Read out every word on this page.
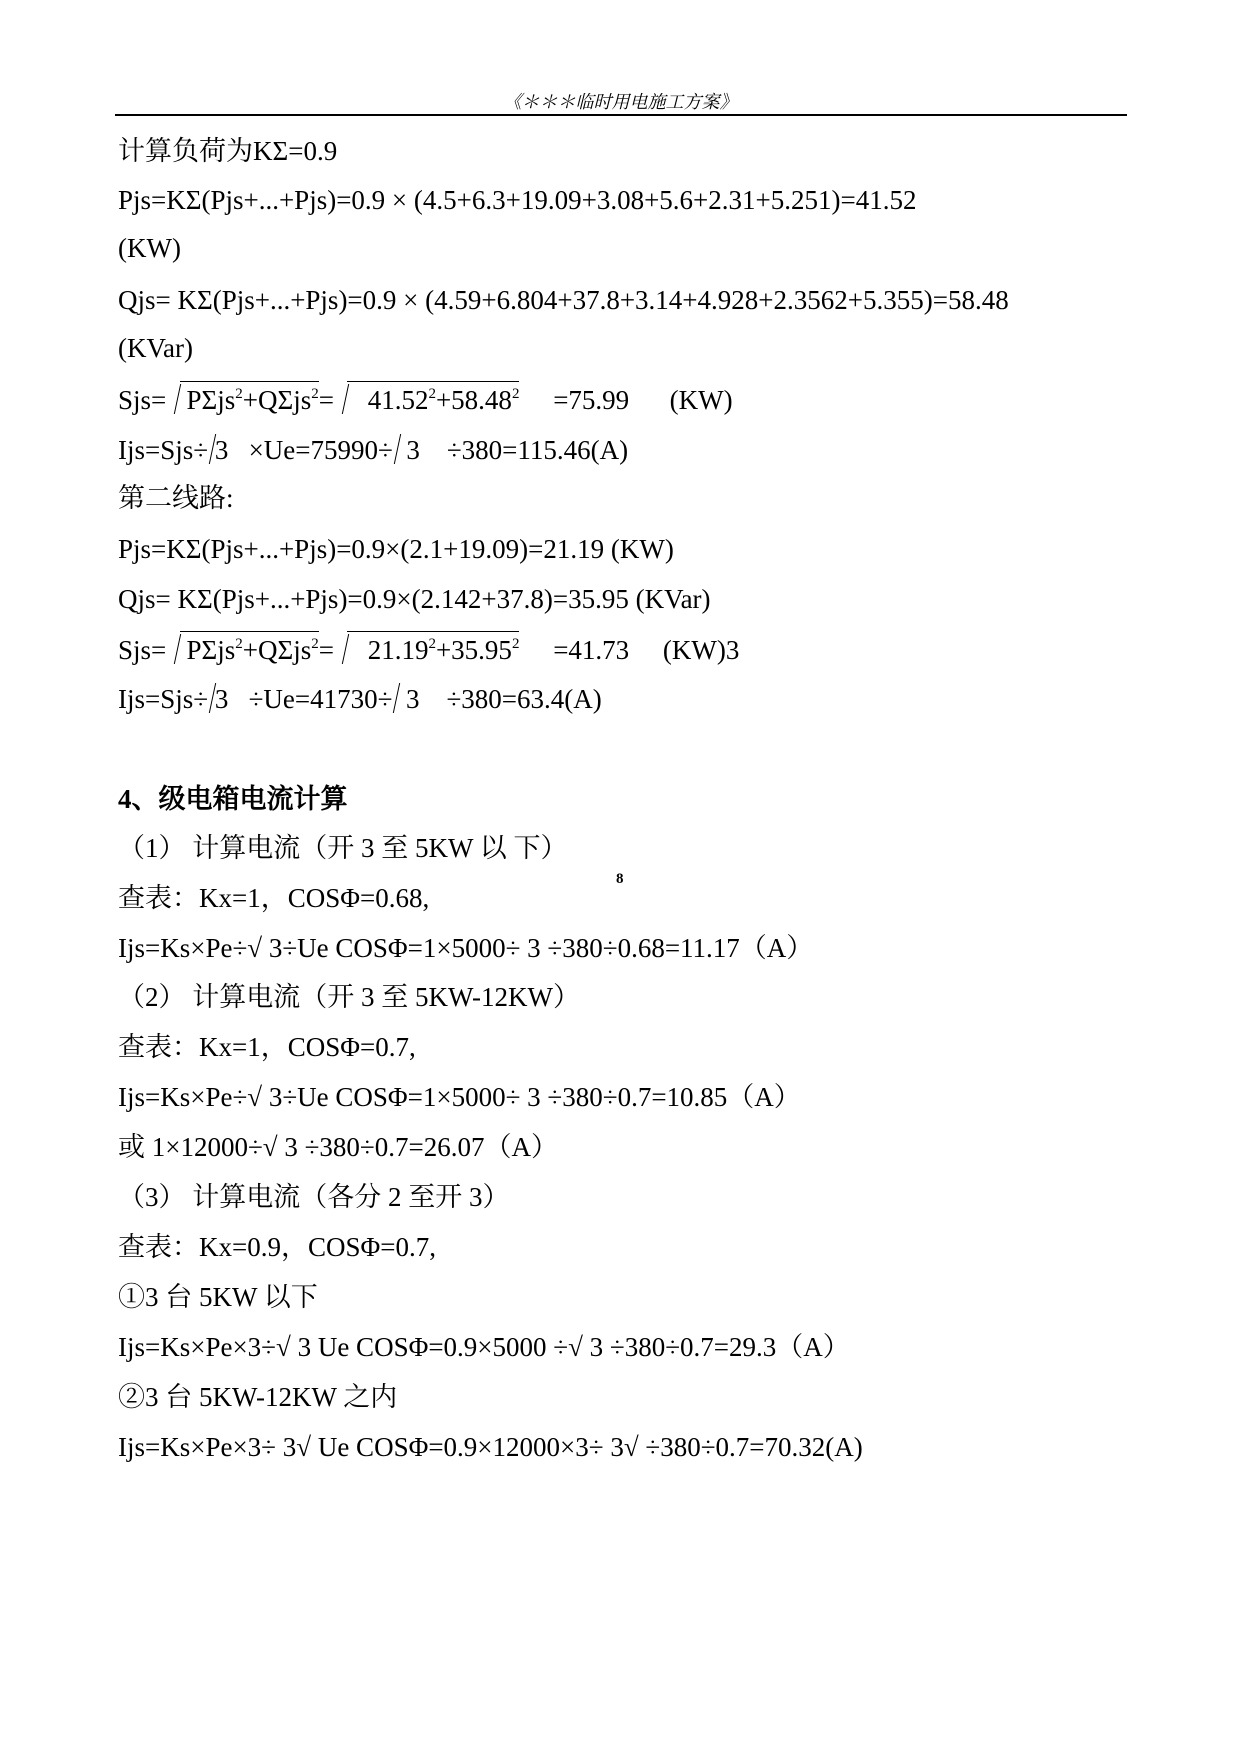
《＊＊＊临时用电施工方案》
计算负荷为KΣ=0.9
Pjs=KΣ(Pjs+...+Pjs)=0.9 × (4.5+6.3+19.09+3.08+5.6+2.31+5.251)=41.52
(KW)
Qjs= KΣ(Pjs+...+Pjs)=0.9 × (4.59+6.804+37.8+3.14+4.928+2.3562+5.355)=58.48
(KVar)
$Sjs= P\Sigma js^2+Q\Sigma js^2= 41.52^2+58.48^2 =75.99$ (KW)
Ijs=Sjs÷ 3 ×Ue=75990÷ 3 ÷380=115.46(A)
第二线路:
Pjs=KΣ(Pjs+...+Pjs)=0.9×(2.1+19.09)=21.19 (KW)
Qjs= KΣ(Pjs+...+Pjs)=0.9×(2.142+37.8)=35.95 (KVar)
$Sjs= P\Sigma js^2+Q\Sigma js^2= 21.19^2+35.95^2 =41.73$ (KW)3
Ijs=Sjs÷ 3 ÷Ue=41730÷ 3 ÷380=63.4(A)
4、级电箱电流计算
（1） 计算电流（开 3 至 5KW 以 下）
8
查表：Kx=1，COSΦ=0.68,
Ijs=Ks×Pe÷√ 3÷Ue COSΦ=1×5000÷ 3 ÷380÷0.68=11.17（A）
（2） 计算电流（开 3 至 5KW-12KW）
查表：Kx=1，COSΦ=0.7,
Ijs=Ks×Pe÷√ 3÷Ue COSΦ=1×5000÷ 3 ÷380÷0.7=10.85（A）
或 1×12000÷√ 3 ÷380÷0.7=26.07（A）
（3） 计算电流（各分 2 至开 3）
查表：Kx=0.9，COSΦ=0.7,
①3 台 5KW 以下
Ijs=Ks×Pe×3÷√ 3 Ue COSΦ=0.9×5000 ÷√ 3 ÷380÷0.7=29.3（A）
②3 台 5KW-12KW 之内
Ijs=Ks×Pe×3÷ 3√ Ue COSΦ=0.9×12000×3÷ 3√ ÷380÷0.7=70.32(A)
